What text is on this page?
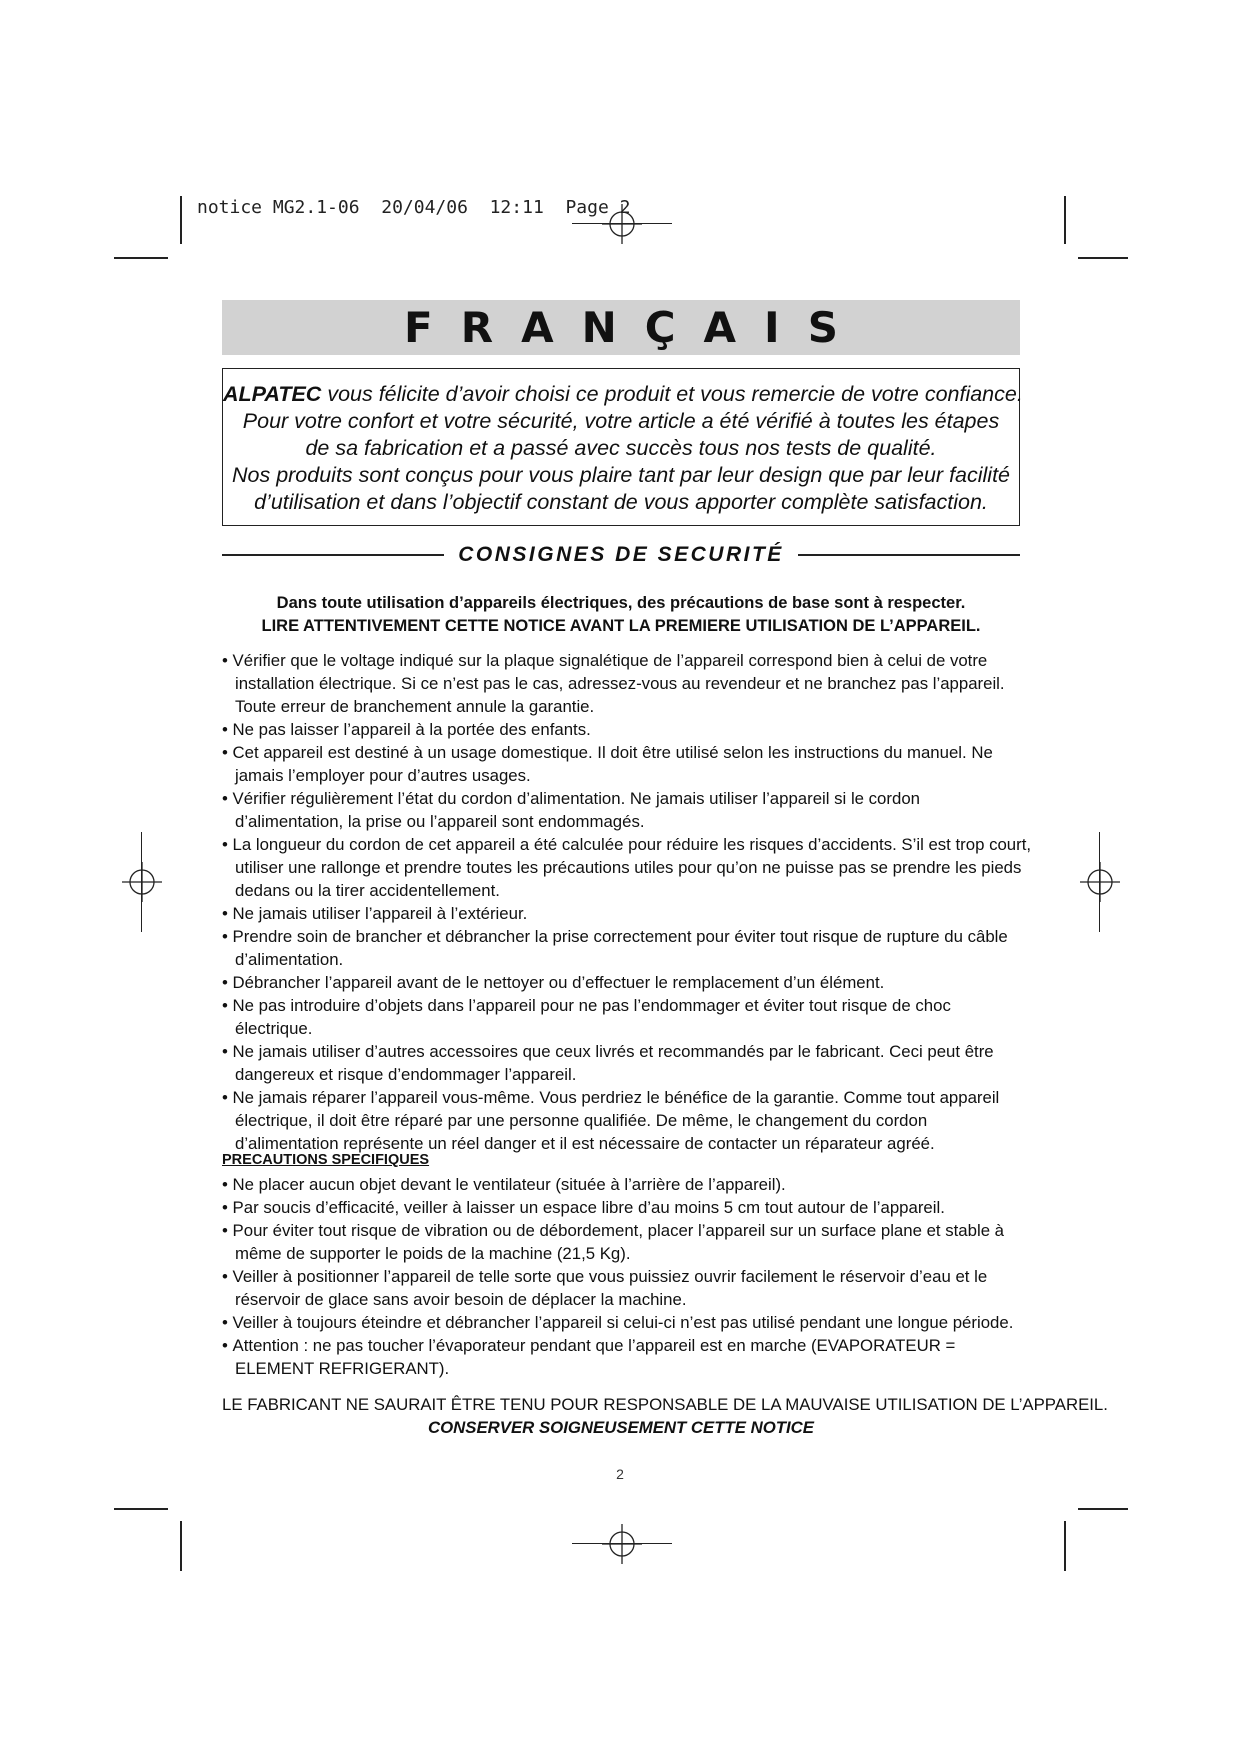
notice MG2.1-06  20/04/06  12:11  Page 2
FRANÇAIS
ALPATEC vous félicite d’avoir choisi ce produit et vous remercie de votre confiance.
Pour votre confort et votre sécurité, votre article a été vérifié à toutes les étapes
de sa fabrication et a passé avec succès tous nos tests de qualité.
Nos produits sont conçus pour vous plaire tant par leur design que par leur facilité
d’utilisation et dans l’objectif constant de vous apporter complète satisfaction.
CONSIGNES DE SECURITÉ
Dans toute utilisation d’appareils électriques, des précautions de base sont à respecter.
LIRE ATTENTIVEMENT CETTE NOTICE AVANT LA PREMIERE UTILISATION DE L’APPAREIL.
• Vérifier que le voltage indiqué sur la plaque signalétique de l’appareil correspond bien à celui de votre installation électrique. Si ce n’est pas le cas, adressez-vous au revendeur et ne branchez pas l’appareil. Toute erreur de branchement annule la garantie.
• Ne pas laisser l’appareil à la portée des enfants.
• Cet appareil est destiné à un usage domestique. Il doit être utilisé selon les instructions du manuel. Ne jamais l’employer pour d’autres usages.
• Vérifier régulièrement l’état du cordon d’alimentation. Ne jamais utiliser l’appareil si le cordon d’alimentation, la prise ou l’appareil sont endommagés.
• La longueur du cordon de cet appareil a été calculée pour réduire les risques d’accidents. S’il est trop court, utiliser une rallonge et prendre toutes les précautions utiles pour qu’on ne puisse pas se prendre les pieds dedans ou la tirer accidentellement.
• Ne jamais utiliser l’appareil à l’extérieur.
• Prendre soin de brancher et débrancher la prise correctement pour éviter tout risque de rupture du câble d’alimentation.
• Débrancher l’appareil avant de le nettoyer ou d’effectuer le remplacement d’un élément.
• Ne pas introduire d’objets dans l’appareil pour ne pas l’endommager et éviter tout risque de choc électrique.
• Ne jamais utiliser d’autres accessoires que ceux livrés et recommandés par le fabricant. Ceci peut être dangereux et risque d’endommager l’appareil.
• Ne jamais réparer l’appareil vous-même. Vous perdriez le bénéfice de la garantie. Comme tout appareil électrique, il doit être réparé par une personne qualifiée. De même, le changement du cordon d’alimentation représente un réel danger et il est nécessaire de contacter un réparateur agréé.
PRECAUTIONS SPECIFIQUES
• Ne placer aucun objet devant le ventilateur (située à l’arrière de l’appareil).
• Par soucis d’efficacité, veiller à laisser un espace libre d’au moins 5 cm tout autour de l’appareil.
• Pour éviter tout risque de vibration ou de débordement, placer l’appareil sur un surface plane et stable à même de supporter le poids de la machine (21,5 Kg).
• Veiller à positionner l’appareil de telle sorte que vous puissiez ouvrir facilement le réservoir d’eau et le réservoir de glace sans avoir besoin de déplacer la machine.
• Veiller à toujours éteindre et débrancher l’appareil si celui-ci n’est pas utilisé pendant une longue période.
• Attention : ne pas toucher l’évaporateur pendant que l’appareil est en marche (EVAPORATEUR = ELEMENT REFRIGERANT).
LE FABRICANT NE SAURAIT ÊTRE TENU POUR RESPONSABLE DE LA MAUVAISE UTILISATION DE L’APPAREIL.
CONSERVER SOIGNEUSEMENT CETTE NOTICE
2
